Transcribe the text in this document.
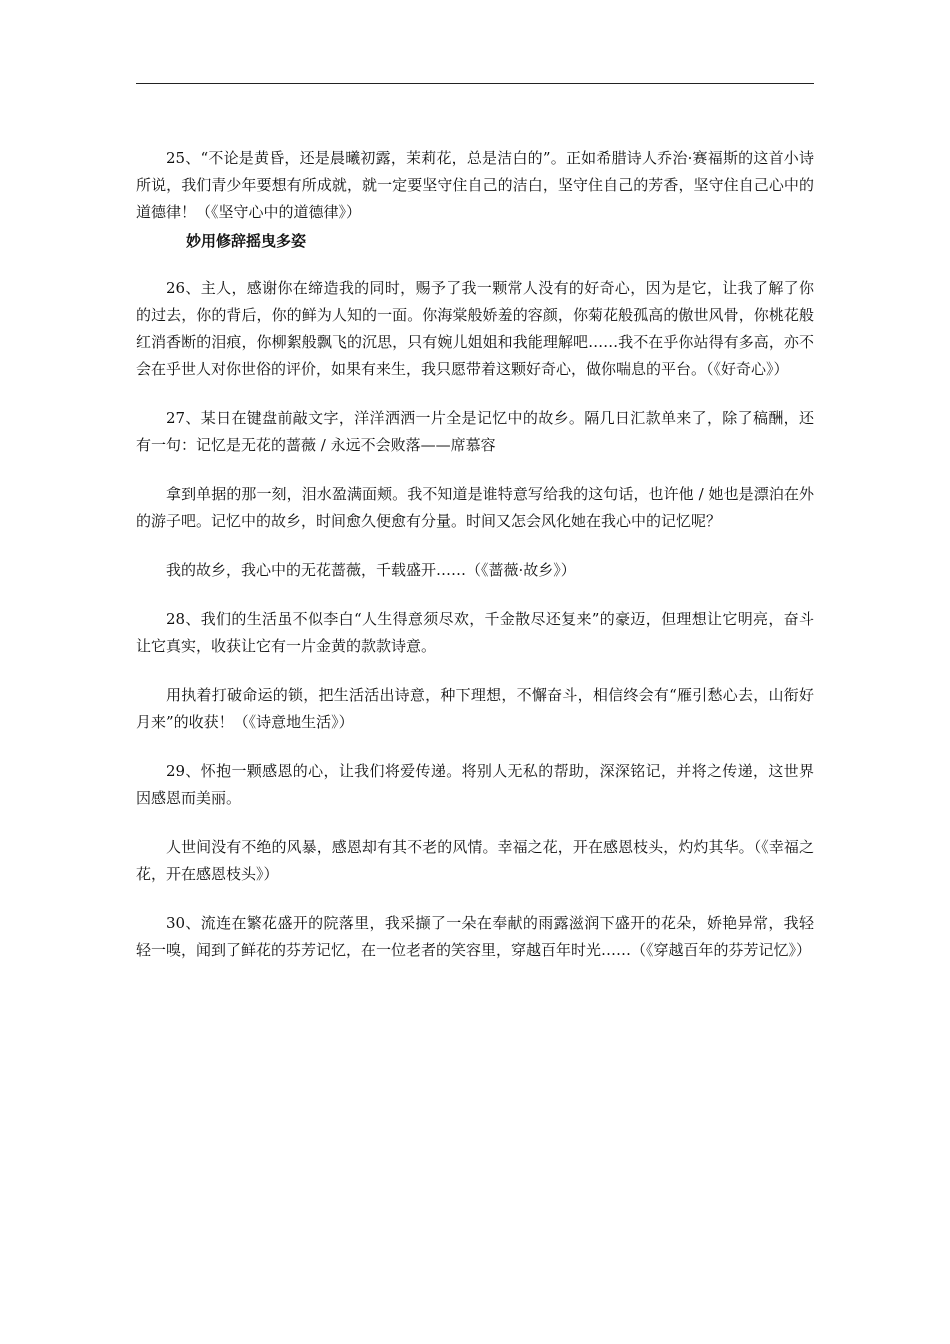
25、“不论是黄昏，还是晨曦初露，茉莉花，总是洁白的”。正如希腊诗人乔治·赛福斯的这首小诗所说，我们青少年要想有所成就，就一定要坚守住自己的洁白，坚守住自己的芳香，坚守住自己心中的道德律！（《坚守心中的道德律》）

妙用修辞摇曳多姿

26、主人，感谢你在缔造我的同时，赐予了我一颗常人没有的好奇心，因为是它，让我了解了你的过去，你的背后，你的鲜为人知的一面。你海棠般娇羞的容颜，你菊花般孤高的傲世风骨，你桃花般红消香断的泪痕，你柳絮般飘飞的沉思，只有婉儿姐姐和我能理解吧……我不在乎你站得有多高，亦不会在乎世人对你世俗的评价，如果有来生，我只愿带着这颗好奇心，做你喘息的平台。（《好奇心》）

27、某日在键盘前敲文字，洋洋洒洒一片全是记忆中的故乡。隔几日汇款单来了，除了稿酬，还有一句：记忆是无花的蔷薇 / 永远不会败落——席慕容

拿到单据的那一刻，泪水盈满面颊。我不知道是谁特意写给我的这句话，也许他 / 她也是漂泊在外的游子吧。记忆中的故乡，时间愈久便愈有分量。时间又怎会风化她在我心中的记忆呢？

我的故乡，我心中的无花蔷薇，千载盛开……（《蔷薇·故乡》）

28、我们的生活虽不似李白“人生得意须尽欢，千金散尽还复来”的豪迈，但理想让它明亮，奋斗让它真实，收获让它有一片金黄的款款诗意。

用执着打破命运的锁，把生活活出诗意，种下理想，不懈奋斗，相信终会有“雁引愁心去，山衔好月来”的收获！（《诗意地生活》）

29、怀抱一颗感恩的心，让我们将爱传递。将别人无私的帮助，深深铭记，并将之传递，这世界因感恩而美丽。

人世间没有不绝的风暴，感恩却有其不老的风情。幸福之花，开在感恩枝头，灼灼其华。（《幸福之花，开在感恩枝头》）

30、流连在繁花盛开的院落里，我采撷了一朵在奉献的雨露滋润下盛开的花朵，娇艳异常，我轻轻一嗅，闻到了鲜花的芬芳记忆，在一位老者的笑容里，穿越百年时光……（《穿越百年的芬芳记忆》）
